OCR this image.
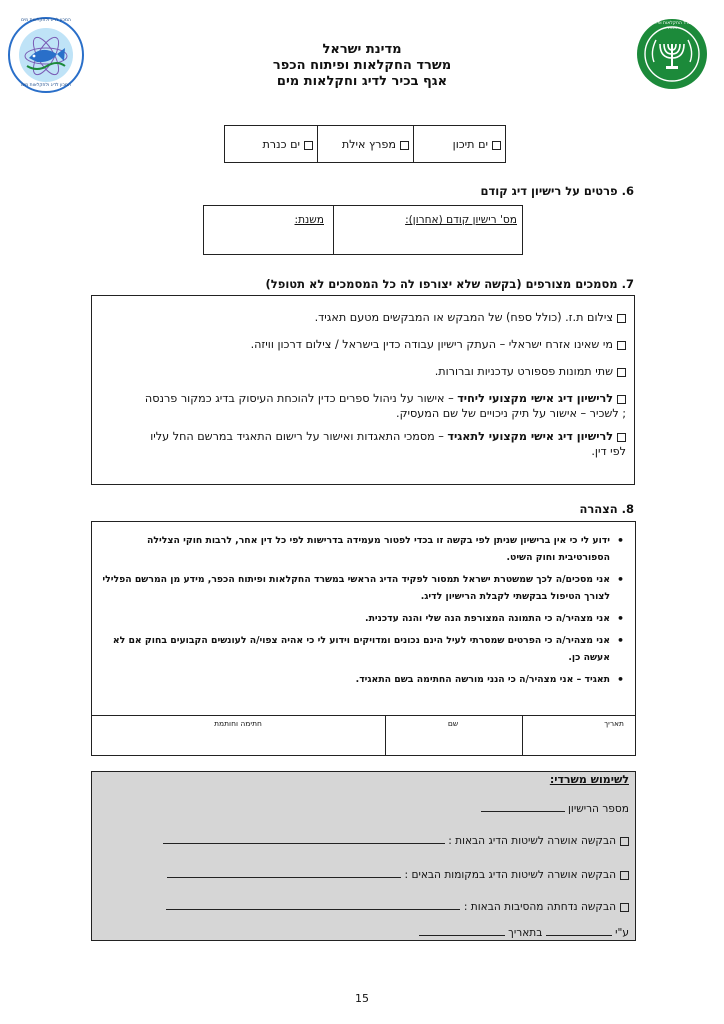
המכון לדיג ולחקלאות מים
המכון לדיג ולחקלאות מים
משרד החקלאות ופיתוח הכפר
מדינת ישראל
משרד החקלאות ופיתוח הכפר
אגף בכיר לדיג וחקלאות מים
ים תיכון
מפרץ אילת
ים כנרת
6. פרטים על רישיון דיג קודם
מס' רישיון קודם (אחרון):
משנת:
7. מסמכים מצורפים (בקשה שלא יצורפו לה כל המסמכים לא תטופל)

צילום ת.ז. (כולל ספח) של המבקש או המבקשים מטעם תאגיד.

מי שאינו אזרח ישראלי – העתק רישיון עבודה כדין בישראל / צילום דרכון וויזה.

שתי תמונות פספורט עדכניות וברורות.

לרישיון דיג אישי מקצועי ליחיד – אישור על ניהול ספרים כדין להוכחת העיסוק בדיג כמקור פרנסה ; לשכיר – אישור על תיק ניכויים של שם המעסיק.

לרישיון דיג אישי מקצועי לתאגיד – מסמכי התאגדות ואישור על רישום התאגיד במרשם החל עליו לפי דין.

8. הצהרה
• ידוע לי כי אין ברישיון שניתן לפי בקשה זו בכדי לפטור מעמידה בדרישות לפי כל דין אחר, לרבות חוקי הצלילה הספורטיבית וחוק השיט.
• אני מסכים/ה לכך שמשטרת ישראל תמסור לפקיד הדיג הראשי במשרד החקלאות ופיתוח הכפר, מידע מן המרשם הפלילי לצורך הטיפול בבקשתי לקבלת הרישיון לדיג.
• אני מצהיר/ה כי התמונה המצורפת הנה שלי והנה עדכנית.
• אני מצהיר/ה כי הפרטים שמסרתי לעיל הינם נכונים ומדויקים וידוע לי כי אהיה צפוי/ה לעונשים הקבועים בחוק אם לא אעשה כן.
• תאגיד – אני מצהיר/ה כי הנני מורשה החתימה בשם התאגיד.
תאריך
שם
חתימה וחותמת
לשימוש משרדי:
מספר הרישיון
הבקשה אושרה לשיטות הדיג הבאות :
הבקשה אושרה לשיטות הדיג במקומות הבאים :
הבקשה נדחתה מהסיבות הבאות :
ע"י  בתאריך
15
